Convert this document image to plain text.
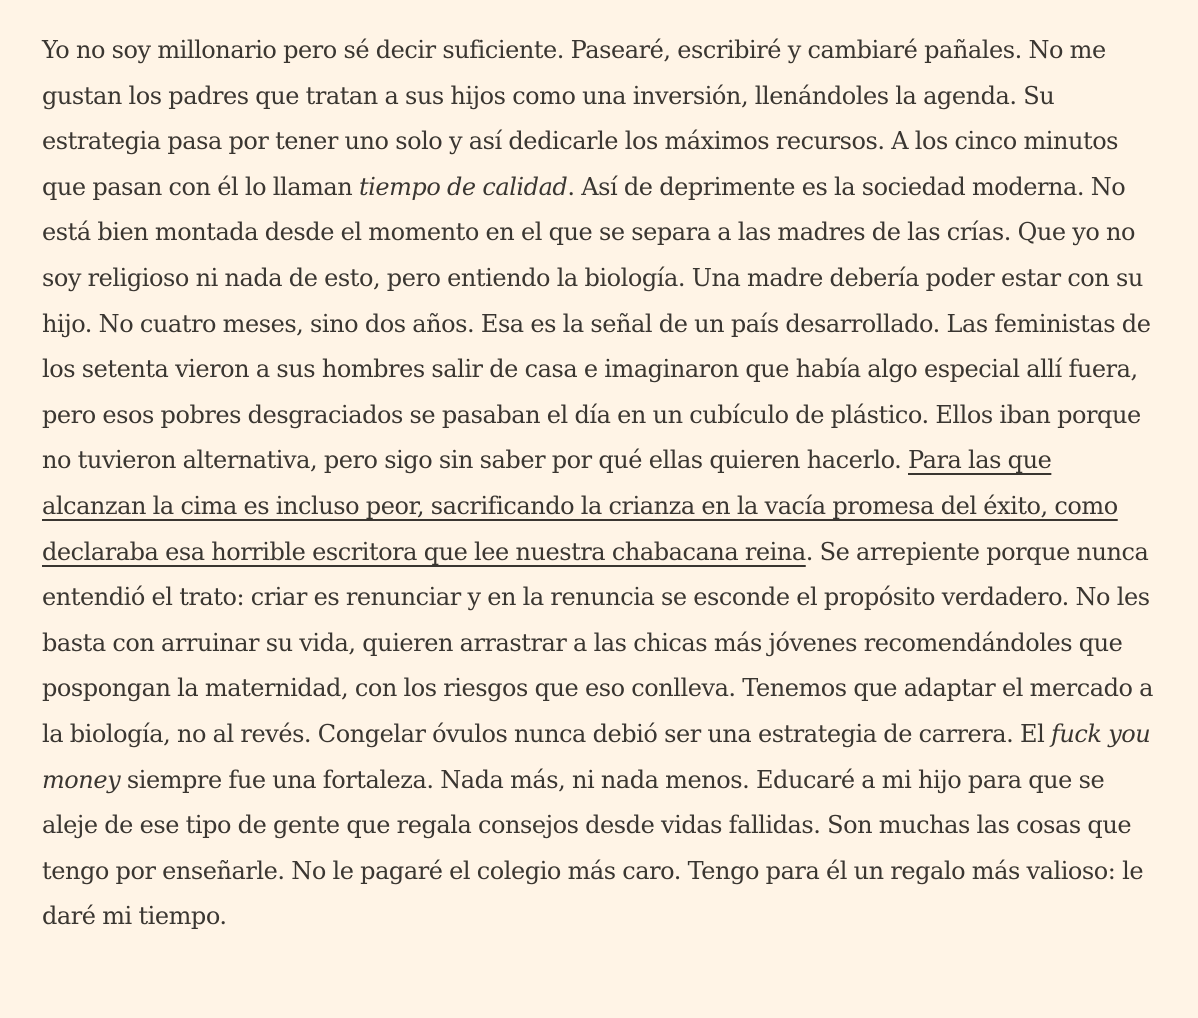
Yo no soy millonario pero sé decir suficiente. Pasearé, escribiré y cambiaré pañales. No me gustan los padres que tratan a sus hijos como una inversión, llenándoles la agenda. Su estrategia pasa por tener uno solo y así dedicarle los máximos recursos. A los cinco minutos que pasan con él lo llaman tiempo de calidad. Así de deprimente es la sociedad moderna. No está bien montada desde el momento en el que se separa a las madres de las crías. Que yo no soy religioso ni nada de esto, pero entiendo la biología. Una madre debería poder estar con su hijo. No cuatro meses, sino dos años. Esa es la señal de un país desarrollado. Las feministas de los setenta vieron a sus hombres salir de casa e imaginaron que había algo especial allí fuera, pero esos pobres desgraciados se pasaban el día en un cubículo de plástico. Ellos iban porque no tuvieron alternativa, pero sigo sin saber por qué ellas quieren hacerlo. Para las que alcanzan la cima es incluso peor, sacrificando la crianza en la vacía promesa del éxito, como declaraba esa horrible escritora que lee nuestra chabacana reina. Se arrepiente porque nunca entendió el trato: criar es renunciar y en la renuncia se esconde el propósito verdadero. No les basta con arruinar su vida, quieren arrastrar a las chicas más jóvenes recomendándoles que pospongan la maternidad, con los riesgos que eso conlleva. Tenemos que adaptar el mercado a la biología, no al revés. Congelar óvulos nunca debió ser una estrategia de carrera. El fuck you money siempre fue una fortaleza. Nada más, ni nada menos. Educaré a mi hijo para que se aleje de ese tipo de gente que regala consejos desde vidas fallidas. Son muchas las cosas que tengo por enseñarle. No le pagaré el colegio más caro. Tengo para él un regalo más valioso: le daré mi tiempo.
